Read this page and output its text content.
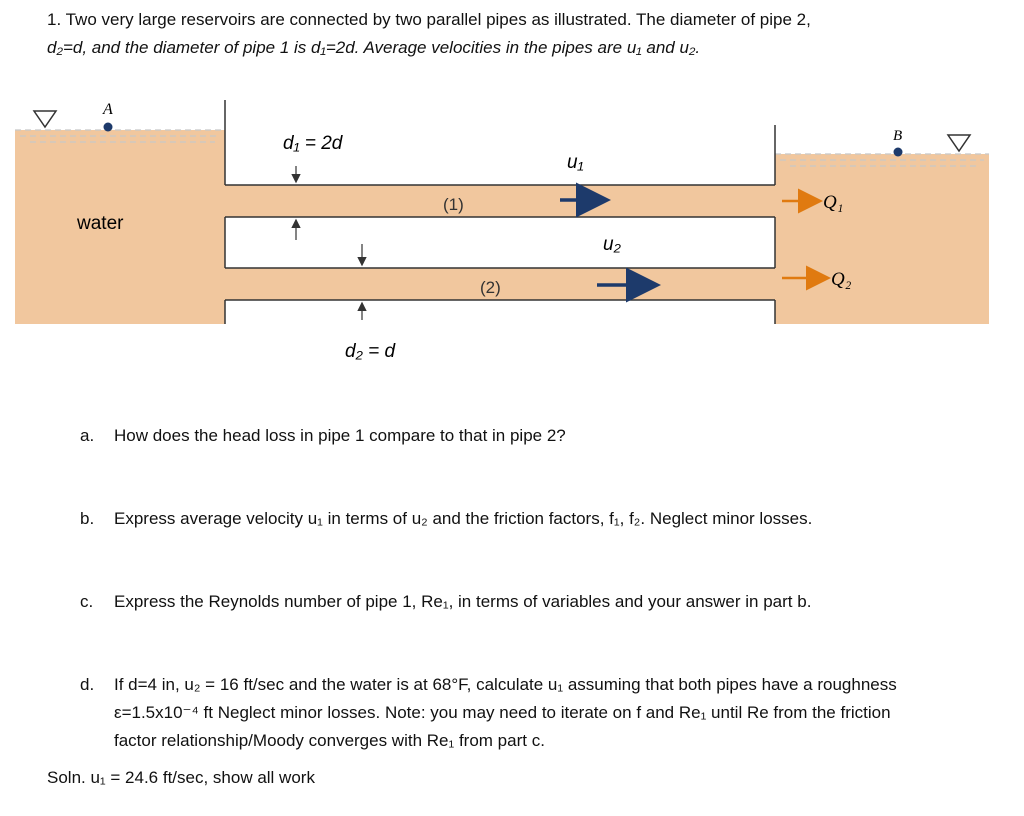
1. Two very large reservoirs are connected by two parallel pipes as illustrated. The diameter of pipe 2,
d₂=d, and the diameter of pipe 1 is d₁=2d. Average velocities in the pipes are u₁ and u₂.
A
B
water
d₁ = 2d
d₂ = d
(1)
(2)
u₁
u₂
Q₁
Q₂
a. How does the head loss in pipe 1 compare to that in pipe 2?
b. Express average velocity u₁ in terms of u₂ and the friction factors, f₁, f₂. Neglect minor losses.
c. Express the Reynolds number of pipe 1, Re₁, in terms of variables and your answer in part b.
d. If d=4 in, u₂ = 16 ft/sec and the water is at 68°F, calculate u₁ assuming that both pipes have a roughness ε=1.5x10⁻⁴ ft Neglect minor losses. Note: you may need to iterate on f and Re₁ until Re from the friction factor relationship/Moody converges with Re₁ from part c.
Soln. u₁ = 24.6 ft/sec, show all work
